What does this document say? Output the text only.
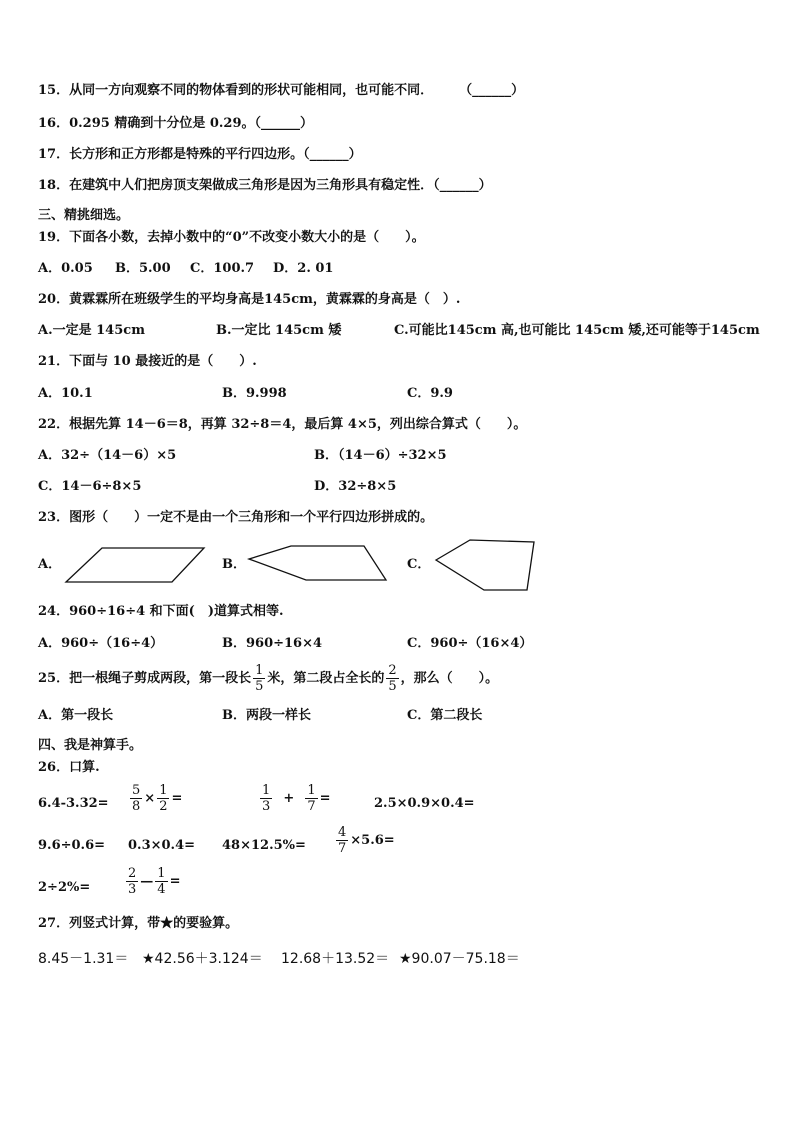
15．从同一方向观察不同的物体看到的形状可能相同，也可能不同．　　　（______）
16．0.295 精确到十分位是 0.29。（______）
17．长方形和正方形都是特殊的平行四边形。（______）
18．在建筑中人们把房顶支架做成三角形是因为三角形具有稳定性．（______）
三、精挑细选。
19．下面各小数，去掉小数中的“0”不改变小数大小的是（　　）。
A．0.05 B．5.00 C．100.7 D．2. 01
20．黄霖霖所在班级学生的平均身高是145cm，黄霖霖的身高是（　）.
A.一定是 145cm	B.一定比 145cm 矮	C.可能比145cm 高,也可能比 145cm 矮,还可能等于145cm
21．下面与 10 最接近的是（　　）.
A．10.1	B．9.998	C．9.9
22．根据先算 14－6＝8，再算 32÷8＝4，最后算 4×5，列出综合算式（　　）。
A．32÷（14－6）×5	B．（14－6）÷32×5
C．14－6÷8×5	D．32÷8×5
23．图形（　　）一定不是由一个三角形和一个平行四边形拼成的。
A．	B．	C．
24．960÷16÷4 和下面(　)道算式相等.
A．960÷（16÷4）	B．960÷16×4	C．960÷（16×4）
25．把一根绳子剪成两段，第一段长 $\frac{1}{5}$ 米，第二段占全长的 $\frac{2}{5}$ ，那么（　　）。
A．第一段长	B．两段一样长	C．第二段长
四、我是神算手。
26．口算.
$6.4-3.32= \frac{5}{8} \times \frac{1}{2}$ =	$\frac{1}{3} + \frac{1}{7}$ =	2.5×0.9×0.4=
$9.6\div 0.6= 0.3\times 0.4= 48\times 12.5\%= \frac{4}{7} \times 5.6=$
2÷2%=	$\frac{2}{3}$ — $\frac{1}{4}$ =
27．列竖式计算，带★的要验算。
8.45－1.31＝ ★42.56＋3.124＝ 12.68＋13.52＝ ★90.07－75.18＝
